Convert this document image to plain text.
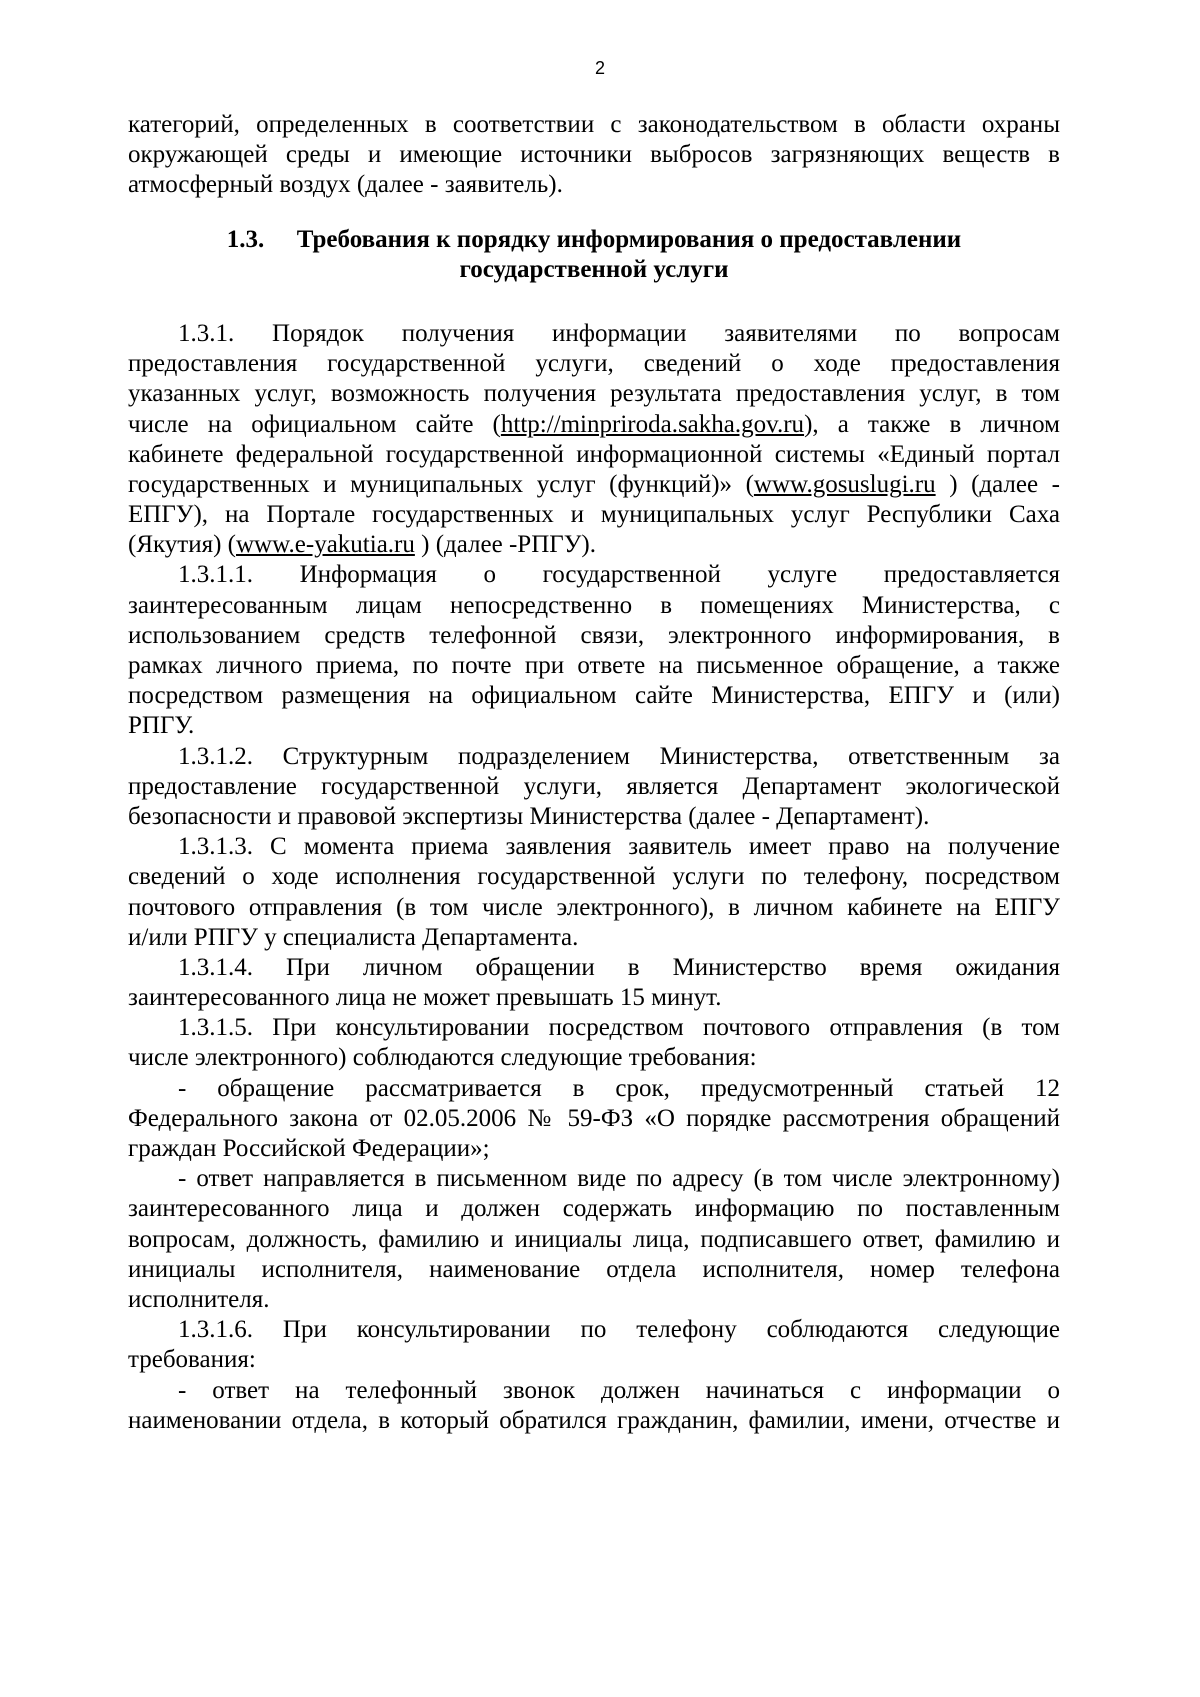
2
категорий, определенных в соответствии с законодательством в области охраны
окружающей среды и имеющие источники выбросов загрязняющих веществ в
атмосферный воздух (далее - заявитель).
1.3. Требования к порядку информирования о предоставлении
государственной услуги
1.3.1. Порядок получения информации заявителями по вопросам
предоставления государственной услуги, сведений о ходе предоставления
указанных услуг, возможность получения результата предоставления услуг, в том
числе на официальном сайте (http://minpriroda.sakha.gov.ru), а также в личном
кабинете федеральной государственной информационной системы «Единый портал
государственных и муниципальных услуг (функций)» (www.gosuslugi.ru ) (далее -
ЕПГУ), на Портале государственных и муниципальных услуг Республики Саха
(Якутия) (www.e-yakutia.ru ) (далее -РПГУ).
1.3.1.1. Информация о государственной услуге предоставляется
заинтересованным лицам непосредственно в помещениях Министерства, с
использованием средств телефонной связи, электронного информирования, в
рамках личного приема, по почте при ответе на письменное обращение, а также
посредством размещения на официальном сайте Министерства, ЕПГУ и (или)
РПГУ.
1.3.1.2. Структурным подразделением Министерства, ответственным за
предоставление государственной услуги, является Департамент экологической
безопасности и правовой экспертизы Министерства (далее - Департамент).
1.3.1.3. С момента приема заявления заявитель имеет право на получение
сведений о ходе исполнения государственной услуги по телефону, посредством
почтового отправления (в том числе электронного), в личном кабинете на ЕПГУ
и/или РПГУ у специалиста Департамента.
1.3.1.4. При личном обращении в Министерство время ожидания
заинтересованного лица не может превышать 15 минут.
1.3.1.5. При консультировании посредством почтового отправления (в том
числе электронного) соблюдаются следующие требования:
- обращение рассматривается в срок, предусмотренный статьей 12
Федерального закона от 02.05.2006 № 59-ФЗ «О порядке рассмотрения обращений
граждан Российской Федерации»;
- ответ направляется в письменном виде по адресу (в том числе электронному)
заинтересованного лица и должен содержать информацию по поставленным
вопросам, должность, фамилию и инициалы лица, подписавшего ответ, фамилию и
инициалы исполнителя, наименование отдела исполнителя, номер телефона
исполнителя.
1.3.1.6. При консультировании по телефону соблюдаются следующие
требования:
- ответ на телефонный звонок должен начинаться с информации о
наименовании отдела, в который обратился гражданин, фамилии, имени, отчестве и
